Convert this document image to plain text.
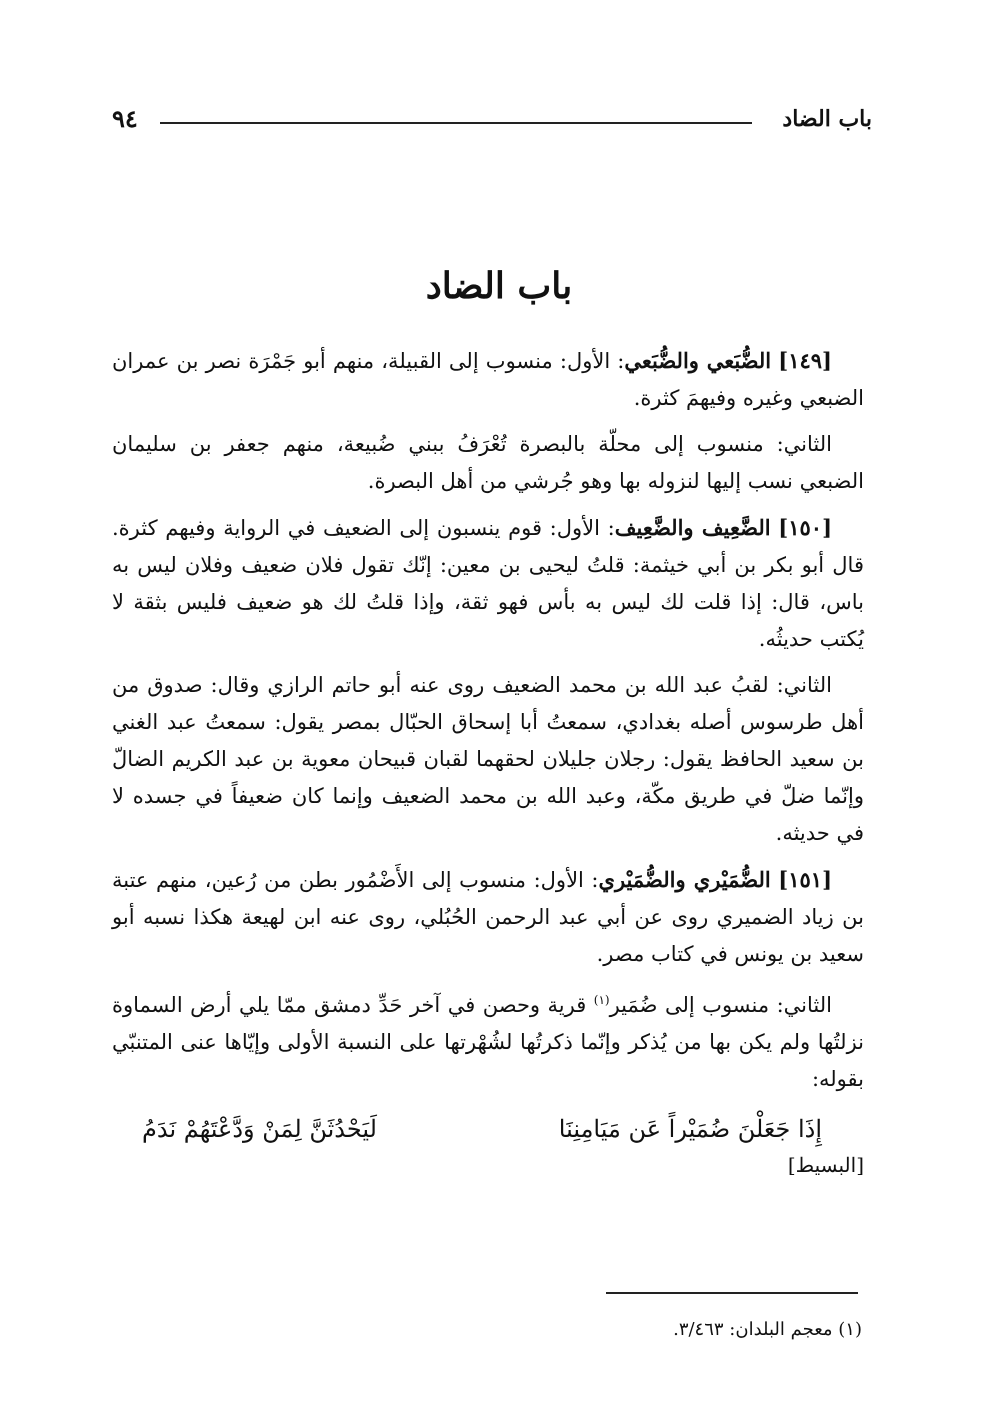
٩٤	باب الضاد
باب الضاد

[١٤٩] الضُّبَعي والضُّبَعي: الأول: منسوب إلى القبيلة، منهم أبو جَمْرَة نصر بن عمران الضبعي وغيره وفيهمَ كثرة.

الثاني: منسوب إلى محلّة بالبصرة تُعْرَفُ ببني ضُبيعة، منهم جعفر بن سليمان الضبعي نسب إليها لنزوله بها وهو جُرشي من أهل البصرة.

[١٥٠] الضَّعِيف والضَّعِيف: الأول: قوم ينسبون إلى الضعيف في الرواية وفيهم كثرة. قال أبو بكر بن أبي خيثمة: قلتُ ليحيى بن معين: إنّك تقول فلان ضعيف وفلان ليس به باس، قال: إذا قلت لك ليس به بأس فهو ثقة، وإذا قلتُ لك هو ضعيف فليس بثقة لا يُكتب حديثُه.

الثاني: لقبُ عبد الله بن محمد الضعيف روى عنه أبو حاتم الرازي وقال: صدوق من أهل طرسوس أصله بغدادي، سمعتُ أبا إسحاق الحبّال بمصر يقول: سمعتُ عبد الغني بن سعيد الحافظ يقول: رجلان جليلان لحقهما لقبان قبيحان معوية بن عبد الكريم الضالّ وإنّما ضلّ في طريق مكّة، وعبد الله بن محمد الضعيف وإنما كان ضعيفاً في جسده لا في حديثه.

[١٥١] الضُّمَيْري والضُّمَيْري: الأول: منسوب إلى الأَضْمُور بطن من رُعين، منهم عتبة بن زياد الضميري روى عن أبي عبد الرحمن الحُبُلي، روى عنه ابن لهيعة هكذا نسبه أبو سعيد بن يونس في كتاب مصر.

الثاني: منسوب إلى ضُمَير$^{(١)}$ قرية وحصن في آخر حَدِّ دمشق ممّا يلي أرض السماوة نزلتُها ولم يكن بها من يُذكر وإنّما ذكرتُها لشُهْرتها على النسبة الأولى وإيّاها عنى المتنبّي بقوله:

إِذَا جَعَلْنَ ضُمَيْراً عَن مَيَامِنِنَا
لَيَحْدُثَنَّ لِمَنْ وَدَّعْتَهُمْ نَدَمُ
[البسيط]
(١) معجم البلدان: ٣/٤٦٣.
